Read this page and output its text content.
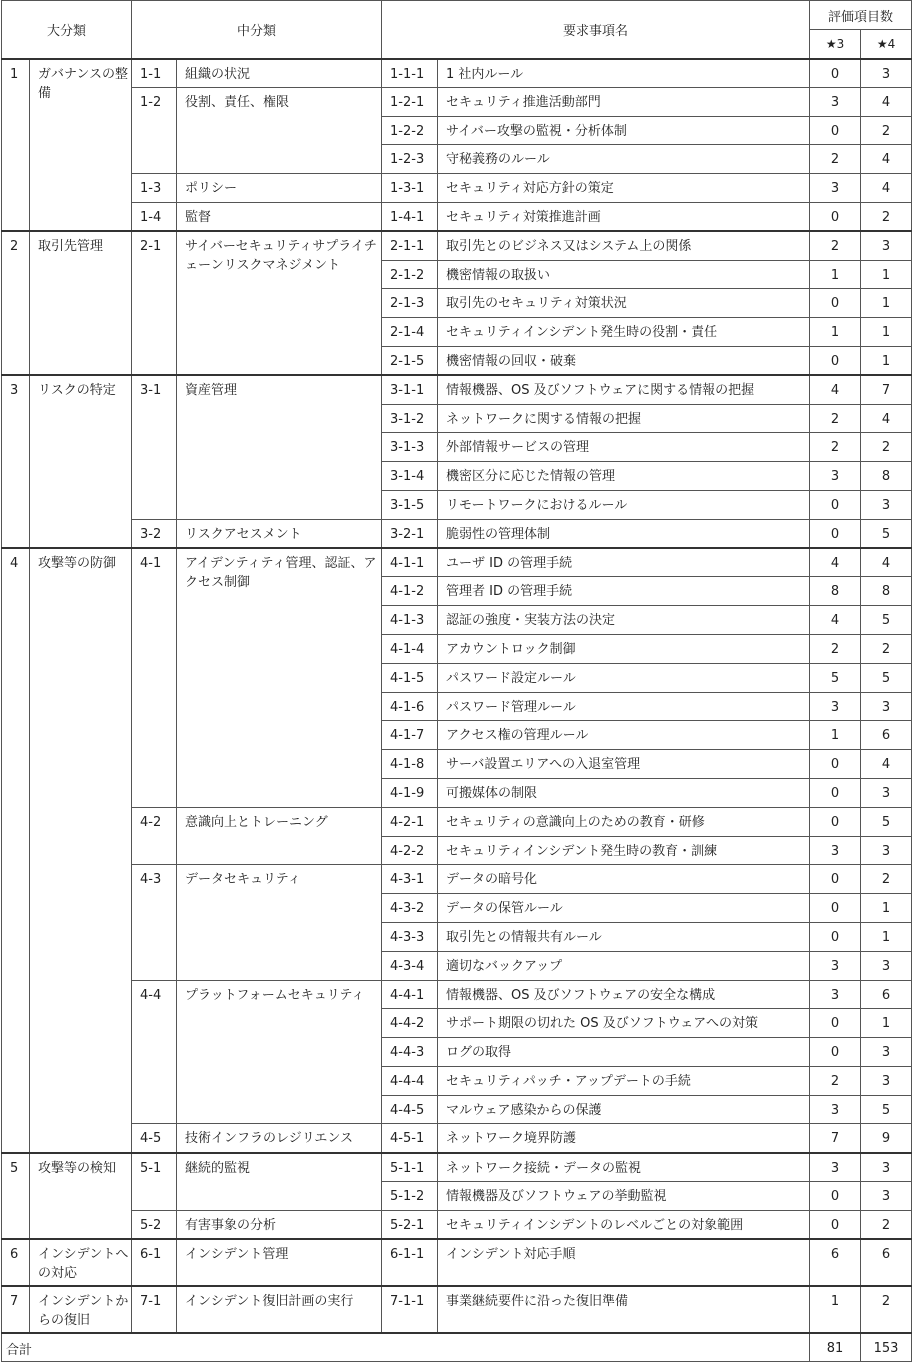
大分類		中分類		要求事項名		評価項目数	
						★3	★4
1	ガバナンスの整備	1-1	組織の状況	1-1-1	1 社内ルール	0	3
		1-2	役割、責任、権限	1-2-1	セキュリティ推進活動部門	3	4
				1-2-2	サイバー攻撃の監視・分析体制	0	2
				1-2-3	守秘義務のルール	2	4
		1-3	ポリシー	1-3-1	セキュリティ対応方針の策定	3	4
		1-4	監督	1-4-1	セキュリティ対策推進計画	0	2
2	取引先管理	2-1	サイバーセキュリティサプライチェーンリスクマネジメント	2-1-1	取引先とのビジネス又はシステム上の関係	2	3
				2-1-2	機密情報の取扱い	1	1
				2-1-3	取引先のセキュリティ対策状況	0	1
				2-1-4	セキュリティインシデント発生時の役割・責任	1	1
				2-1-5	機密情報の回収・破棄	0	1
3	リスクの特定	3-1	資産管理	3-1-1	情報機器、OS 及びソフトウェアに関する情報の把握	4	7
				3-1-2	ネットワークに関する情報の把握	2	4
				3-1-3	外部情報サービスの管理	2	2
				3-1-4	機密区分に応じた情報の管理	3	8
				3-1-5	リモートワークにおけるルール	0	3
		3-2	リスクアセスメント	3-2-1	脆弱性の管理体制	0	5
4	攻撃等の防御	4-1	アイデンティティ管理、認証、アクセス制御	4-1-1	ユーザ ID の管理手続	4	4
				4-1-2	管理者 ID の管理手続	8	8
				4-1-3	認証の強度・実装方法の決定	4	5
				4-1-4	アカウントロック制御	2	2
				4-1-5	パスワード設定ルール	5	5
				4-1-6	パスワード管理ルール	3	3
				4-1-7	アクセス権の管理ルール	1	6
				4-1-8	サーバ設置エリアへの入退室管理	0	4
				4-1-9	可搬媒体の制限	0	3
		4-2	意識向上とトレーニング	4-2-1	セキュリティの意識向上のための教育・研修	0	5
				4-2-2	セキュリティインシデント発生時の教育・訓練	3	3
		4-3	データセキュリティ	4-3-1	データの暗号化	0	2
				4-3-2	データの保管ルール	0	1
				4-3-3	取引先との情報共有ルール	0	1
				4-3-4	適切なバックアップ	3	3
		4-4	プラットフォームセキュリティ	4-4-1	情報機器、OS 及びソフトウェアの安全な構成	3	6
				4-4-2	サポート期限の切れた OS 及びソフトウェアへの対策	0	1
				4-4-3	ログの取得	0	3
				4-4-4	セキュリティパッチ・アップデートの手続	2	3
				4-4-5	マルウェア感染からの保護	3	5
		4-5	技術インフラのレジリエンス	4-5-1	ネットワーク境界防護	7	9
5	攻撃等の検知	5-1	継続的監視	5-1-1	ネットワーク接続・データの監視	3	3
				5-1-2	情報機器及びソフトウェアの挙動監視	0	3
		5-2	有害事象の分析	5-2-1	セキュリティインシデントのレベルごとの対象範囲	0	2
6	インシデントへの対応	6-1	インシデント管理	6-1-1	インシデント対応手順	6	6
7	インシデントからの復旧	7-1	インシデント復旧計画の実行	7-1-1	事業継続要件に沿った復旧準備	1	2
合計						81	153
